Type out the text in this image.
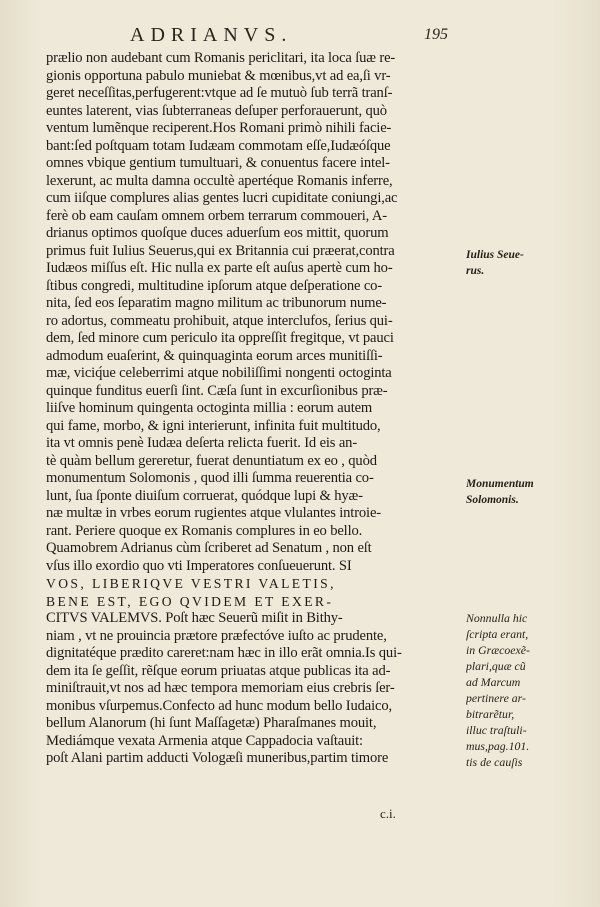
ADRIANVS.	195
prælio non audebant cum Romanis periclitari, ita loca ſuæ re-
gionis opportuna pabulo muniebat & mœnibus,vt ad ea,ſi vr-
geret neceſſitas,perfugerent:vtque ad ſe mutuò ſub terrã tranſ-
euntes laterent, vias ſubterraneas deſuper perforauerunt, quò
ventum lumẽnque reciperent.Hos Romani primò nihili facie-
bant:ſed poſtquam totam Iudæam commotam eſſe,Iudæóſque
omnes vbique gentium tumultuari, & conuentus facere intel-
lexerunt, ac multa damna occultè apertéque Romanis inferre,
cum iiſque complures alias gentes lucri cupiditate coniungi,ac
ferè ob eam cauſam omnem orbem terrarum commoueri, A-
drianus optimos quoſque duces aduerſum eos mittit, quorum
primus fuit Iulius Seuerus,qui ex Britannia cui præerat,contra
Iudæos miſſus eſt. Hic nulla ex parte eſt auſus apertè cum ho-
ſtibus congredi, multitudine ipſorum atque deſperatione co-
nita, ſed eos ſeparatim magno militum ac tribunorum nume-
ro adortus, commeatu prohibuit, atque interclufos, ſerius qui-
dem, ſed minore cum periculo ita oppreſſit fregitque, vt pauci
admodum euaſerint, & quinquaginta eorum arces munitiſſi-
mæ, viciq́ue celeberrimi atque nobiliſſimi nongenti octoginta
quinque funditus euerſi ſint. Cæſa ſunt in excurſionibus præ-
liiſve hominum quingenta octoginta millia : eorum autem
qui fame, morbo, & igni interierunt, infinita fuit multitudo,
ita vt omnis penè Iudæa deſerta relicta fuerit. Id eis an-
tè quàm bellum gereretur, fuerat denuntiatum ex eo , quòd
monumentum Solomonis , quod illi ſumma reuerentia co-
lunt, ſua ſponte diuiſum corruerat, quódque lupi & hyæ-
næ multæ in vrbes eorum rugientes atque vlulantes introie-
rant. Periere quoque ex Romanis complures in eo bello.
Quamobrem Adrianus cùm ſcriberet ad Senatum , non eſt
vſus illo exordio quo vti Imperatores conſueuerunt. SI
VOS, LIBERIQVE VESTRI VALETIS,
BENE EST, EGO QVIDEM ET EXER-
CITVS VALEMVS. Poſt hæc Seuerũ miſit in Bithy-
niam , vt ne prouincia prætore præfectóve iuſto ac prudente,
dignitatéque prædito careret:nam hæc in illo erãt omnia.Is qui-
dem ita ſe geſſit, rẽſque eorum priuatas atque publicas ita ad-
miniſtrauit,vt nos ad hæc tempora memoriam eius crebris ſer-
monibus vſurpemus.Confecto ad hunc modum bello Iudaico,
bellum Alanorum (hi ſunt Maſſagetæ) Pharaſmanes mouit,
Mediámque vexata Armenia atque Cappadocia vaſtauit:
poſt Alani partim adducti Vologæſi muneribus,partim timore
Iulius Seue-
rus.
Monumentum
Solomonis.
Nonnulla hic
ſcripta erant,
in Græcoexẽ-
plari,quæ cũ
ad Marcum
pertinere ar-
bitrarẽtur,
illuc traſtuli-
mus,pag.101.
tis de cauſis
c.i.
